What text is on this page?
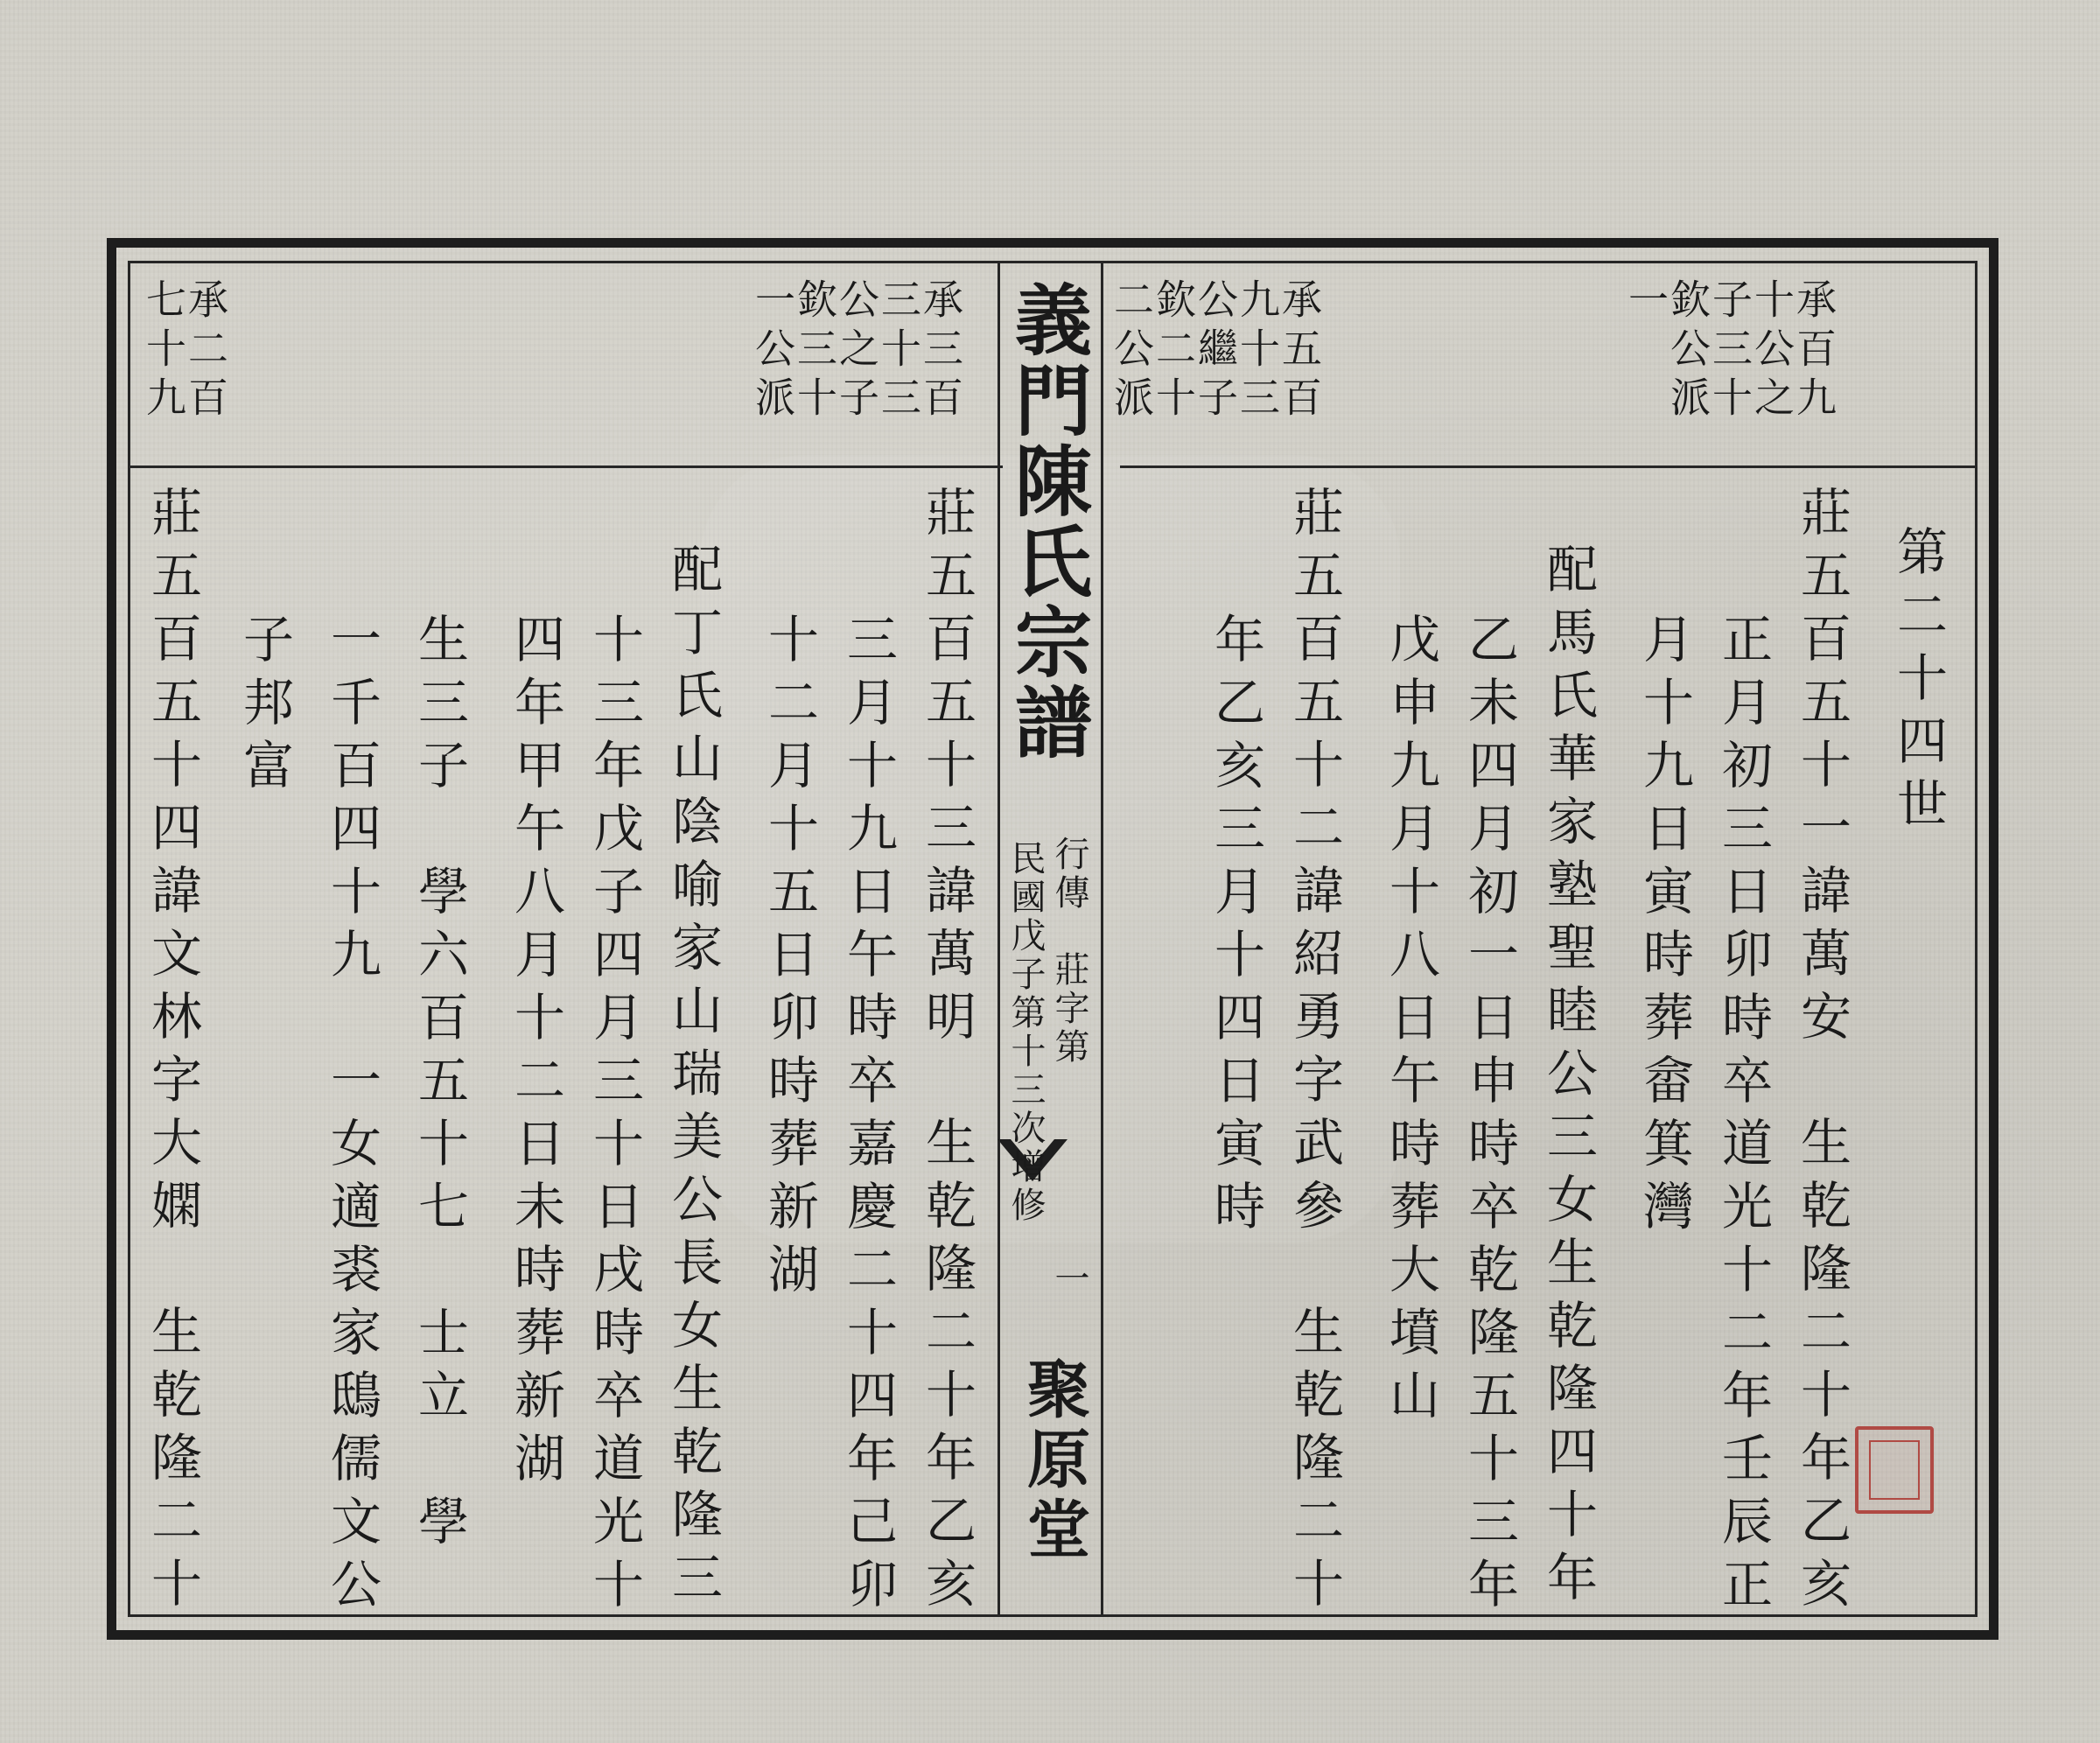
義門陳氏宗譜
行傳　莊字第
民國戊子第十三次增修
一
聚原堂
第二十四世
承百九
十公之
子三十
欽公派
一
承五百
九十三
公繼子
欽二十
二公派
莊五百五十一諱萬安　生乾隆二十年乙亥
正月初三日卯時卒道光十二年壬辰正
月十九日寅時葬畲箕灣
配馬氏華家塾聖睦公三女生乾隆四十年
乙未四月初一日申時卒乾隆五十三年
戊申九月十八日午時葬大墳山
莊五百五十二諱紹勇字武參　生乾隆二十
年乙亥三月十四日寅時
承三百
三十三
公之子
欽三十
一公派
承二百
七十九
莊五百五十三諱萬明　生乾隆二十年乙亥
三月十九日午時卒嘉慶二十四年己卯
十二月十五日卯時葬新湖
配丁氏山陰喻家山瑞美公長女生乾隆三
十三年戊子四月三十日戌時卒道光十
四年甲午八月十二日未時葬新湖
生三子　學六百五十七　士立　學
一千百四十九　一女適裘家鴟儒文公
子邦富
莊五百五十四諱文林字大嫻　生乾隆二十
